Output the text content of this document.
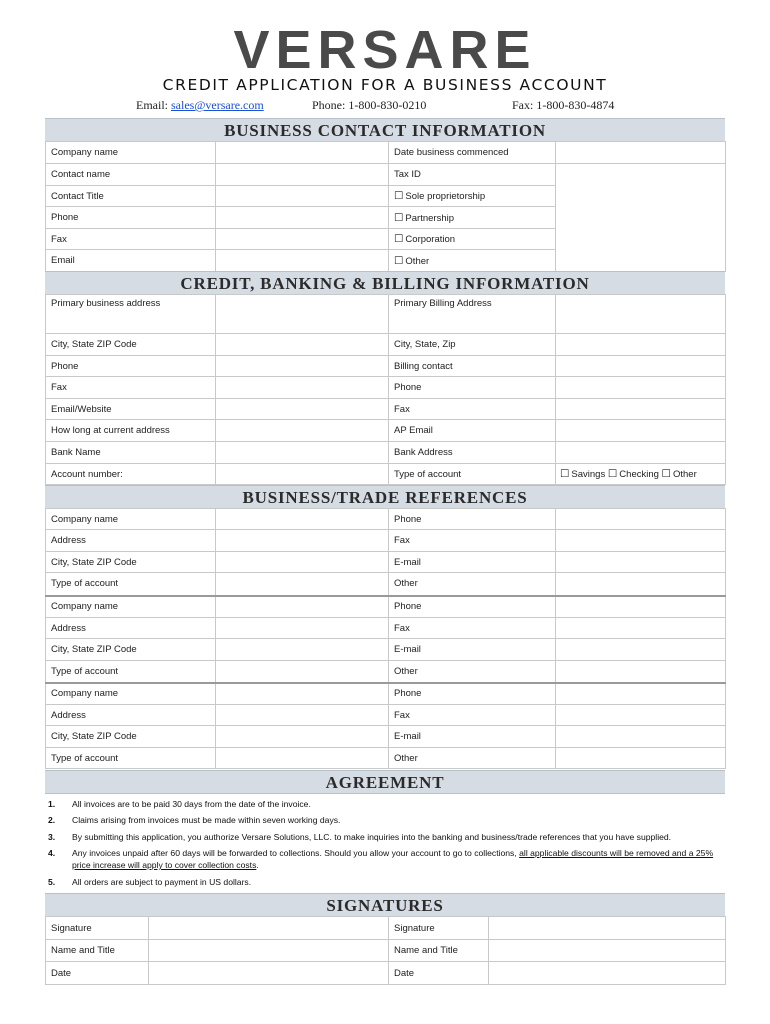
VERSARE
CREDIT APPLICATION FOR A BUSINESS ACCOUNT
Email: sales@versare.com	Phone: 1-800-830-0210	Fax: 1-800-830-4874
BUSINESS CONTACT INFORMATION
Company name		Date business commenced	
Contact name		Tax ID	
Contact Title		☐ Sole proprietorship	
Phone		☐ Partnership	
Fax		☐ Corporation	
Email		☐ Other	
CREDIT, BANKING & BILLING INFORMATION
Primary business address		Primary Billing Address	
City, State ZIP Code		City, State, Zip	
Phone		Billing contact	
Fax		Phone	
Email/Website		Fax	
How long at current address		AP Email	
Bank Name		Bank Address	
Account number:		Type of account	☐ Savings ☐ Checking ☐ Other
BUSINESS/TRADE REFERENCES
Company name		Phone	
Address		Fax	
City, State ZIP Code		E-mail	
Type of account		Other	
Company name		Phone	
Address		Fax	
City, State ZIP Code		E-mail	
Type of account		Other	
Company name		Phone	
Address		Fax	
City, State ZIP Code		E-mail	
Type of account		Other	
AGREEMENT
1.	All invoices are to be paid 30 days from the date of the invoice.
2.	Claims arising from invoices must be made within seven working days.
3.	By submitting this application, you authorize Versare Solutions, LLC. to make inquiries into the banking and business/trade references that you have supplied.
4.	Any invoices unpaid after 60 days will be forwarded to collections. Should you allow your account to go to collections, all applicable discounts will be removed and a 25% price increase will apply to cover collection costs.
5.	All orders are subject to payment in US dollars.
SIGNATURES
Signature		Signature	
Name and Title		Name and Title	
Date		Date	
